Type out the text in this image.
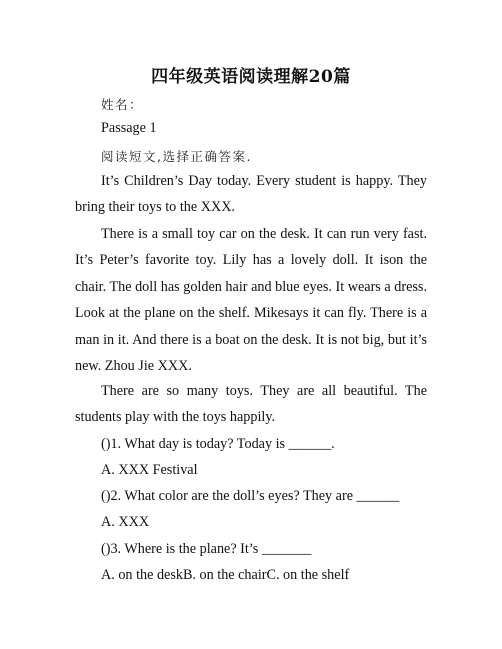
四年级英语阅读理解20篇
姓名：
Passage 1
阅读短文,选择正确答案.
It’s Children’s Day today. Every student is happy. They bring their toys to the XXX.
There is a small toy car on the desk. It can run very fast. It’s Peter’s favorite toy. Lily has a lovely doll. It ison the chair. The doll has golden hair and blue eyes. It wears a dress. Look at the plane on the shelf. Mikesays it can fly. There is a man in it. And there is a boat on the desk. It is not big, but it’s new. Zhou Jie XXX.
There are so many toys. They are all beautiful. The students play with the toys happily.
()1. What day is today? Today is ______.
A. XXX Festival
()2. What color are the doll’s eyes? They are ______
A. XXX
()3. Where is the plane? It’s _______
A. on the deskB. on the chairC. on the shelf
